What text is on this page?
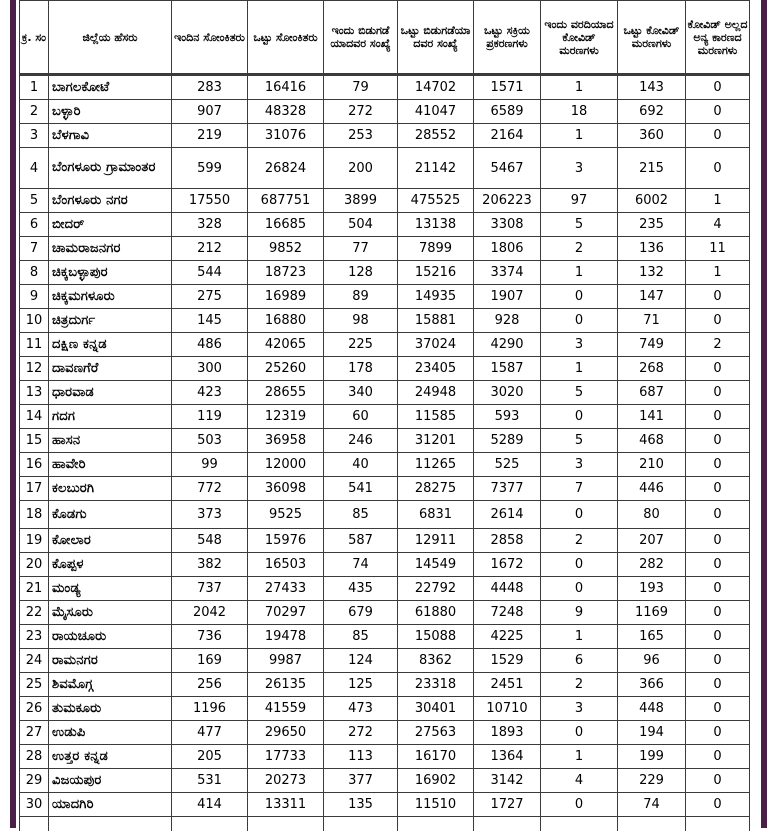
ಕ್ರ. ಸಂ	ಜಿಲ್ಲೆಯ ಹೆಸರು	ಇಂದಿನ ಸೋಂಕಿತರು	ಒಟ್ಟು ಸೋಂಕಿತರು	ಇಂದು ಬಿಡುಗಡೆ ಯಾದವರ ಸಂಖ್ಯೆ	ಒಟ್ಟು ಬಿಡುಗಡೆಯಾ ದವರ ಸಂಖ್ಯೆ	ಒಟ್ಟು ಸಕ್ರಿಯ ಪ್ರಕರಣಗಳು	ಇಂದು ವರದಿಯಾದ ಕೋವಿಡ್ ಮರಣಗಳು	ಒಟ್ಟು ಕೋವಿಡ್ ಮರಣಗಳು	ಕೋವಿಡ್ ಅಲ್ಲದ ಅನ್ಯ ಕಾರಣದ ಮರಣಗಳು
1	ಬಾಗಲಕೋಟೆ	283	16416	79	14702	1571	1	143	0
2	ಬಳ್ಳಾರಿ	907	48328	272	41047	6589	18	692	0
3	ಬೆಳಗಾವಿ	219	31076	253	28552	2164	1	360	0
4	ಬೆಂಗಳೂರು ಗ್ರಾಮಾಂತರ	599	26824	200	21142	5467	3	215	0
5	ಬೆಂಗಳೂರು ನಗರ	17550	687751	3899	475525	206223	97	6002	1
6	ಬೀದರ್	328	16685	504	13138	3308	5	235	4
7	ಚಾಮರಾಜನಗರ	212	9852	77	7899	1806	2	136	11
8	ಚಿಕ್ಕಬಳ್ಳಾಪುರ	544	18723	128	15216	3374	1	132	1
9	ಚಿಕ್ಕಮಗಳೂರು	275	16989	89	14935	1907	0	147	0
10	ಚಿತ್ರದುರ್ಗ	145	16880	98	15881	928	0	71	0
11	ದಕ್ಷಿಣ ಕನ್ನಡ	486	42065	225	37024	4290	3	749	2
12	ದಾವಣಗೆರೆ	300	25260	178	23405	1587	1	268	0
13	ಧಾರವಾಡ	423	28655	340	24948	3020	5	687	0
14	ಗದಗ	119	12319	60	11585	593	0	141	0
15	ಹಾಸನ	503	36958	246	31201	5289	5	468	0
16	ಹಾವೇರಿ	99	12000	40	11265	525	3	210	0
17	ಕಲಬುರಗಿ	772	36098	541	28275	7377	7	446	0
18	ಕೊಡಗು	373	9525	85	6831	2614	0	80	0
19	ಕೋಲಾರ	548	15976	587	12911	2858	2	207	0
20	ಕೊಪ್ಪಳ	382	16503	74	14549	1672	0	282	0
21	ಮಂಡ್ಯ	737	27433	435	22792	4448	0	193	0
22	ಮೈಸೂರು	2042	70297	679	61880	7248	9	1169	0
23	ರಾಯಚೂರು	736	19478	85	15088	4225	1	165	0
24	ರಾಮನಗರ	169	9987	124	8362	1529	6	96	0
25	ಶಿವಮೊಗ್ಗ	256	26135	125	23318	2451	2	366	0
26	ತುಮಕೂರು	1196	41559	473	30401	10710	3	448	0
27	ಉಡುಪಿ	477	29650	272	27563	1893	0	194	0
28	ಉತ್ತರ ಕನ್ನಡ	205	17733	113	16170	1364	1	199	0
29	ವಿಜಯಪುರ	531	20273	377	16902	3142	4	229	0
30	ಯಾದಗಿರಿ	414	13311	135	11510	1727	0	74	0
